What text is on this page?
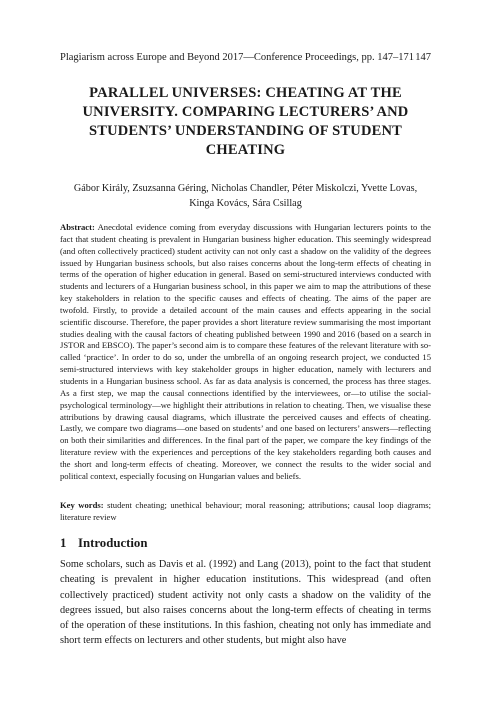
Plagiarism across Europe and Beyond 2017—Conference Proceedings, pp. 147–171 147
PARALLEL UNIVERSES: CHEATING AT THE UNIVERSITY. COMPARING LECTURERS’ AND STUDENTS’ UNDERSTANDING OF STUDENT CHEATING
Gábor Király, Zsuzsanna Géring, Nicholas Chandler, Péter Miskolczi, Yvette Lovas,
Kinga Kovács, Sára Csillag
Abstract: Anecdotal evidence coming from everyday discussions with Hungarian lecturers points to the fact that student cheating is prevalent in Hungarian business higher education. This seemingly widespread (and often collectively practiced) student activity can not only cast a shadow on the validity of the degrees issued by Hungarian business schools, but also raises concerns about the long-term effects of cheating in terms of the operation of higher education in general. Based on semi-structured interviews conducted with students and lecturers of a Hungarian business school, in this paper we aim to map the attributions of these key stakeholders in relation to the specific causes and effects of cheating. The aims of the paper are twofold. Firstly, to provide a detailed account of the main causes and effects appearing in the social scientific discourse. Therefore, the paper provides a short literature review summarising the most important studies dealing with the causal factors of cheating published between 1990 and 2016 (based on a search in JSTOR and EBSCO). The paper’s second aim is to compare these features of the relevant literature with so-called ‘practice’. In order to do so, under the umbrella of an ongoing research project, we conducted 15 semi-structured interviews with key stakeholder groups in higher education, namely with lecturers and students in a Hungarian business school. As far as data analysis is concerned, the process has three stages. As a first step, we map the causal connections identified by the interviewees, or—to utilise the social-psychological terminology—we highlight their attributions in relation to cheating. Then, we visualise these attributions by drawing causal diagrams, which illustrate the perceived causes and effects of cheating. Lastly, we compare two diagrams—one based on students’ and one based on lecturers’ answers—reflecting on both their similarities and differences. In the final part of the paper, we compare the key findings of the literature review with the experiences and perceptions of the key stakeholders regarding both causes and the short and long-term effects of cheating. Moreover, we connect the results to the wider social and political context, especially focusing on Hungarian values and beliefs.
Key words: student cheating; unethical behaviour; moral reasoning; attributions; causal loop diagrams; literature review
1 Introduction
Some scholars, such as Davis et al. (1992) and Lang (2013), point to the fact that student cheating is prevalent in higher education institutions. This widespread (and often collectively practiced) student activity not only casts a shadow on the validity of the degrees issued, but also raises concerns about the long-term effects of cheating in terms of the operation of these institutions. In this fashion, cheating not only has immediate and short term effects on lecturers and other students, but might also have
